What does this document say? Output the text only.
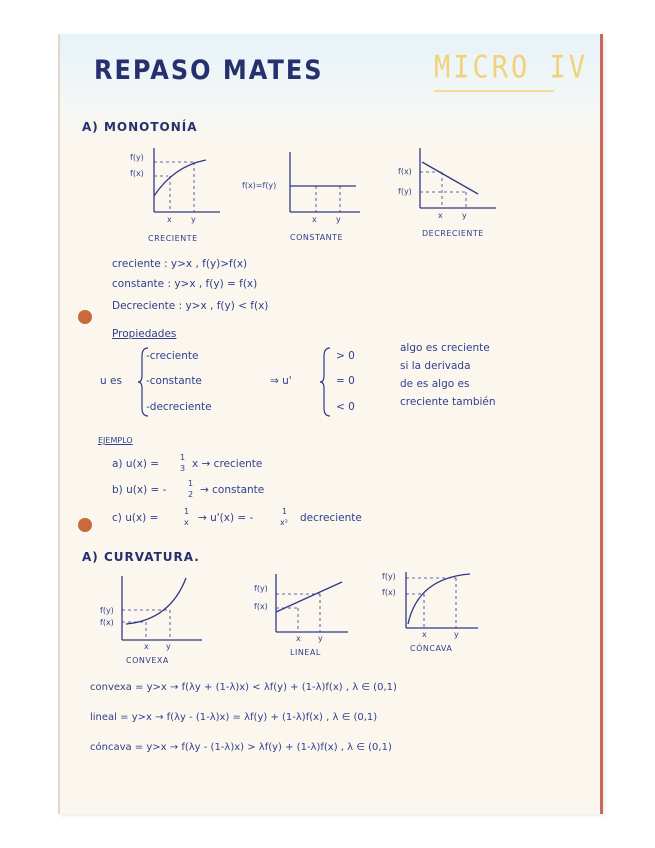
REPASO MATES	MICRO IV
A) MONOTONÍA
f(y)
f(x)
x y
CRECIENTE
f(x)=f(y)
x y
CONSTANTE
f(x)
f(y)
x y
DECRECIENTE
creciente : y>x , f(y)>f(x)
constante : y>x , f(y) = f(x)
Decreciente : y>x , f(y) < f(x)
Propiedades
u es
-creciente
-constante
-decreciente
⇒ u'
> 0
= 0
< 0
algo es creciente
si la derivada
de es algo es
creciente también
EJEMPLO
a) u(x) =
1
3 x → creciente
b) u(x) = -
1
2 → constante
c) u(x) =
1
x → u'(x) = -
1
x² decreciente
A) CURVATURA.
f(y)
f(x)
x y
CONVEXA
f(y)
f(x)
x y
LINEAL
f(y)
f(x)
x	y
CÓNCAVA
convexa = y>x → f(λy + (1-λ)x) < λf(y) + (1-λ)f(x) , λ ∈ (0,1)
lineal = y>x → f(λy - (1-λ)x) = λf(y) + (1-λ)f(x) , λ ∈ (0,1)
cóncava = y>x → f(λy - (1-λ)x) > λf(y) + (1-λ)f(x) , λ ∈ (0,1)
